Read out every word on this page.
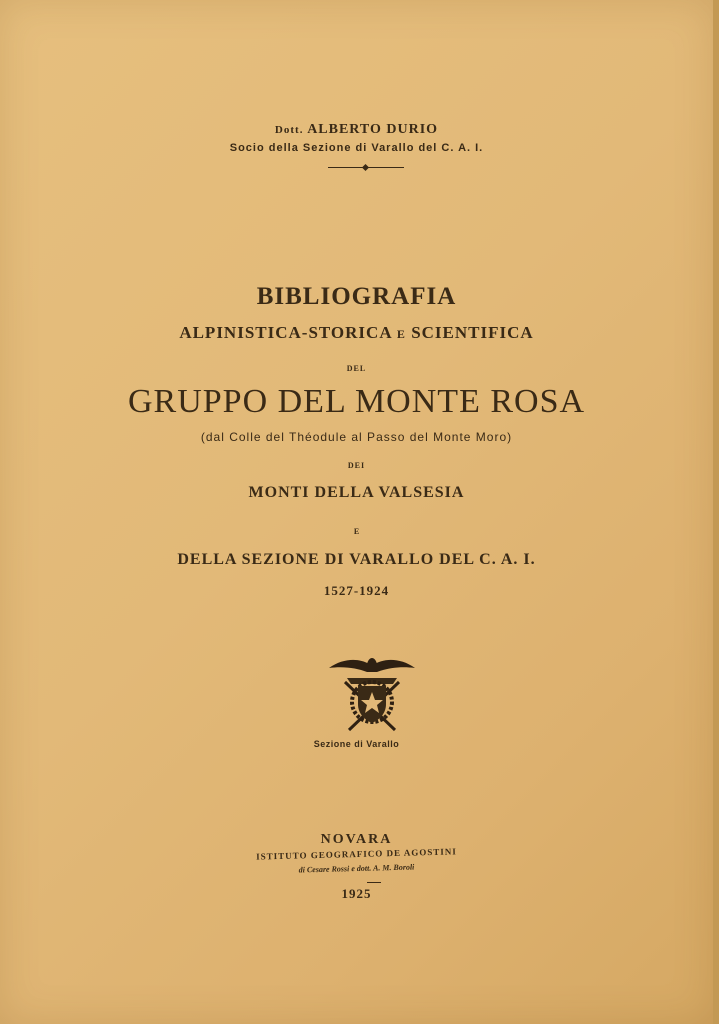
Dott. ALBERTO DURIO
Socio della Sezione di Varallo del C. A. I.
BIBLIOGRAFIA
ALPINISTICA-STORICA E SCIENTIFICA
DEL
GRUPPO DEL MONTE ROSA
(dal Colle del Théodule al Passo del Monte Moro)
DEI
MONTI DELLA VALSESIA
E
DELLA SEZIONE DI VARALLO DEL C. A. I.
1527-1924
Sezione di Varallo
NOVARA
ISTITUTO GEOGRAFICO DE AGOSTINI
di Cesare Rossi e dott. A. M. Boroli
1925
